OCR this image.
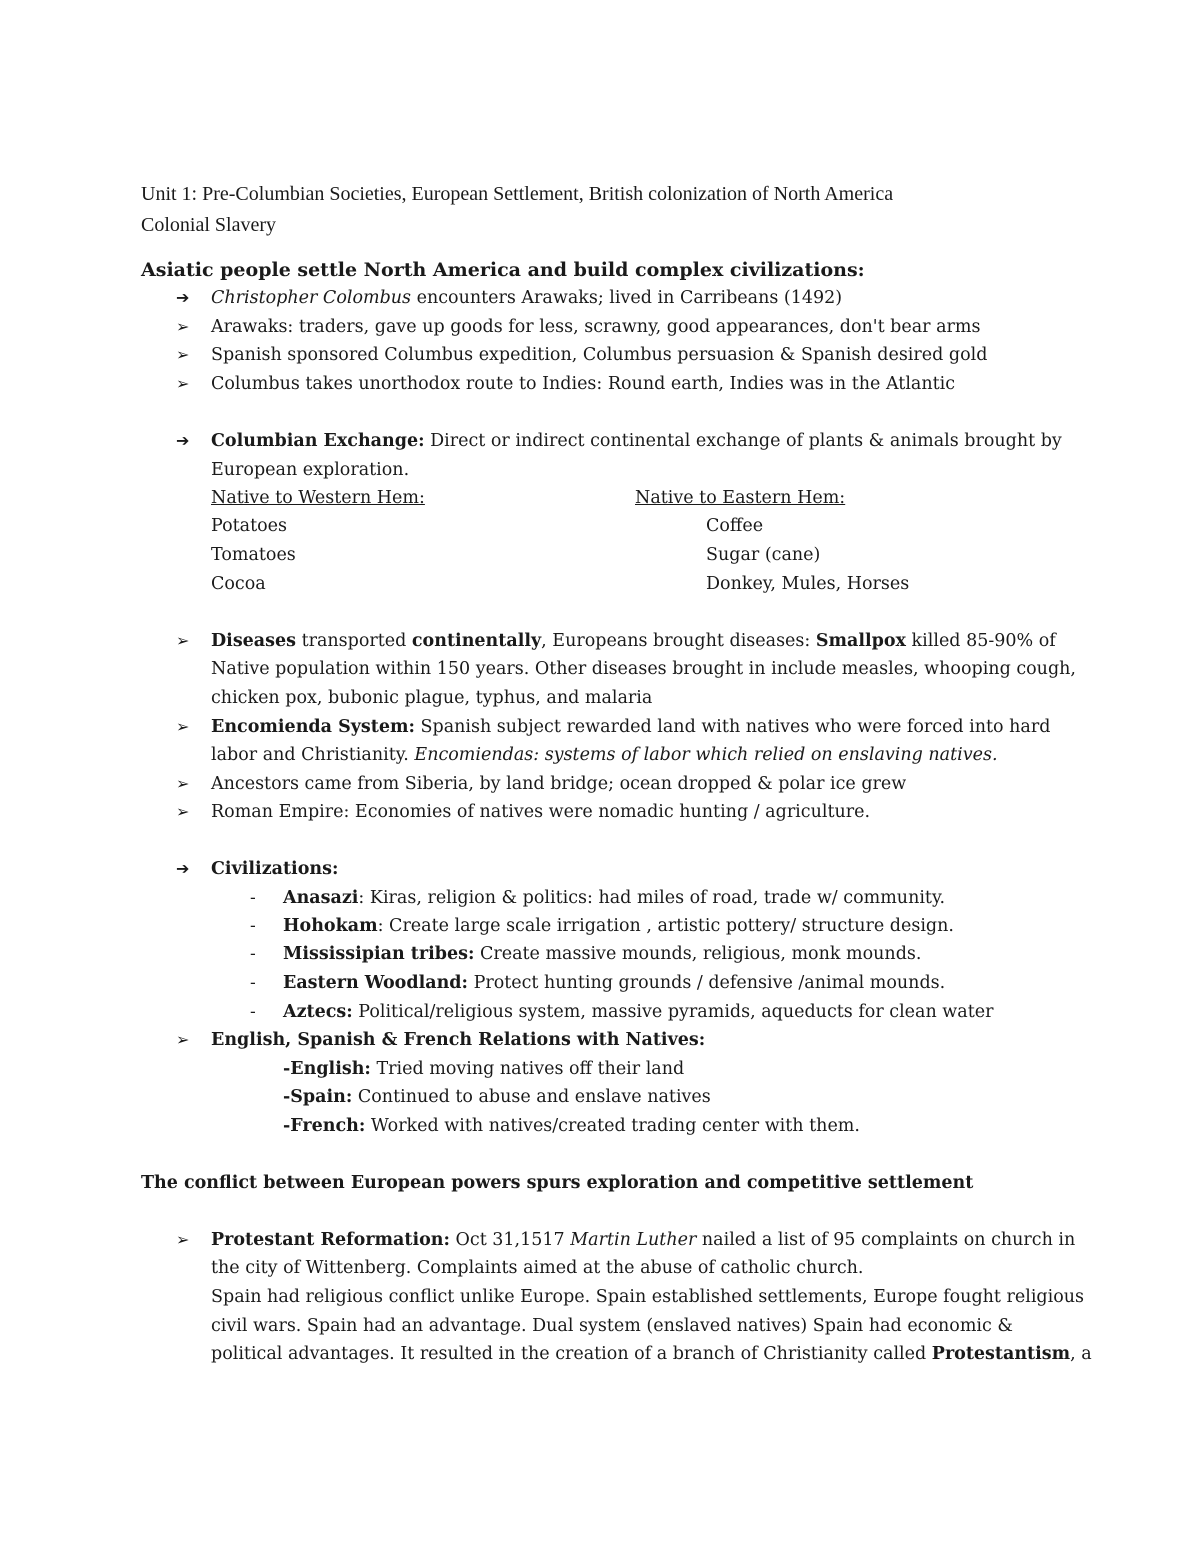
Unit 1: Pre-Columbian Societies, European Settlement, British colonization of North America
Colonial Slavery
Asiatic people settle North America and build complex civilizations:
➔	Christopher Colombus encounters Arawaks; lived in Carribeans (1492)
➢	Arawaks: traders, gave up goods for less, scrawny, good appearances, don't bear arms
➢	Spanish sponsored Columbus expedition, Columbus persuasion & Spanish desired gold
➢	Columbus takes unorthodox route to Indies: Round earth, Indies was in the Atlantic
➔	Columbian Exchange: Direct or indirect continental exchange of plants & animals brought by
European exploration.
Native to Western Hem:	Native to Eastern Hem:
Potatoes	Coffee
Tomatoes	Sugar (cane)
Cocoa	Donkey, Mules, Horses
➢	Diseases transported continentally, Europeans brought diseases: Smallpox killed 85-90% of
Native population within 150 years. Other diseases brought in include measles, whooping cough,
chicken pox, bubonic plague, typhus, and malaria
➢	Encomienda System: Spanish subject rewarded land with natives who were forced into hard
labor and Christianity. Encomiendas: systems of labor which relied on enslaving natives.
➢	Ancestors came from Siberia, by land bridge; ocean dropped & polar ice grew
➢	Roman Empire: Economies of natives were nomadic hunting / agriculture.
➔	Civilizations:
- Anasazi: Kiras, religion & politics: had miles of road, trade w/ community.
- Hohokam: Create large scale irrigation , artistic pottery/ structure design.
- Mississipian tribes: Create massive mounds, religious, monk mounds.
- Eastern Woodland: Protect hunting grounds / defensive /animal mounds.
- Aztecs: Political/religious system, massive pyramids, aqueducts for clean water
➢	English, Spanish & French Relations with Natives:
-English: Tried moving natives off their land
-Spain: Continued to abuse and enslave natives
-French: Worked with natives/created trading center with them.
The conflict between European powers spurs exploration and competitive settlement
➢	Protestant Reformation: Oct 31,1517 Martin Luther nailed a list of 95 complaints on church in
the city of Wittenberg. Complaints aimed at the abuse of catholic church.
Spain had religious conflict unlike Europe. Spain established settlements, Europe fought religious
civil wars. Spain had an advantage. Dual system (enslaved natives) Spain had economic &
political advantages. It resulted in the creation of a branch of Christianity called Protestantism, a
